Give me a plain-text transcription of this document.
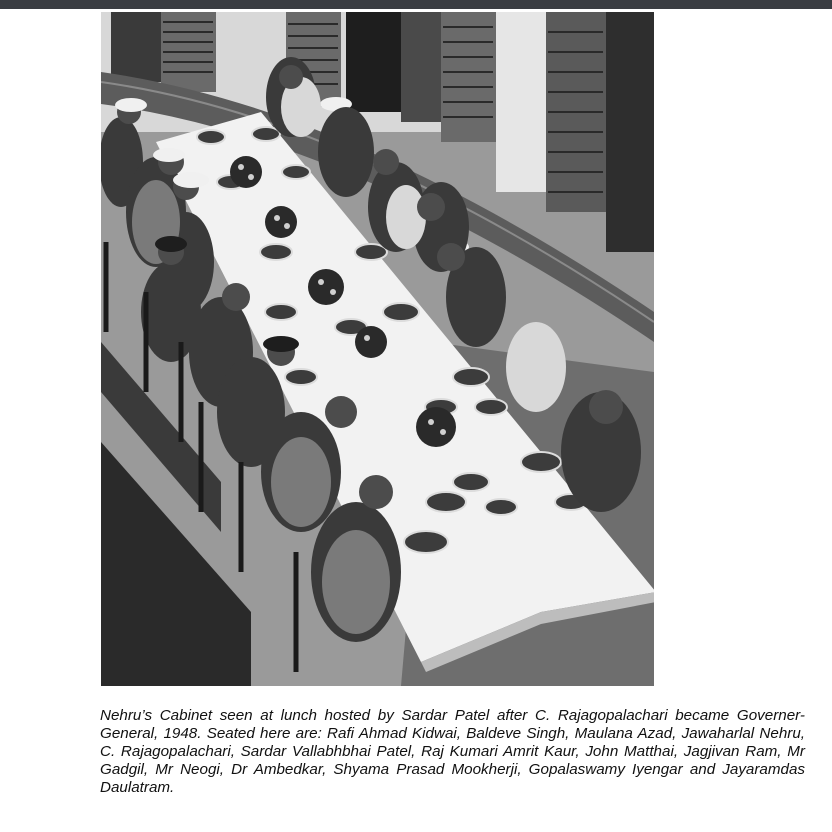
Nehru’s Cabinet seen at lunch hosted by Sardar Patel after C. Rajagopalachari became Governer-General, 1948. Seated here are: Rafi Ahmad Kidwai, Baldeve Singh, Maulana Azad, Jawaharlal Nehru, C. Rajagopalachari, Sardar Vallabhbhai Patel, Raj Kumari Amrit Kaur, John Matthai, Jagjivan Ram, Mr Gadgil, Mr Neogi, Dr Ambedkar, Shyama Prasad Mookherji, Gopalaswamy Iyengar and Jayaramdas Daulatram.
